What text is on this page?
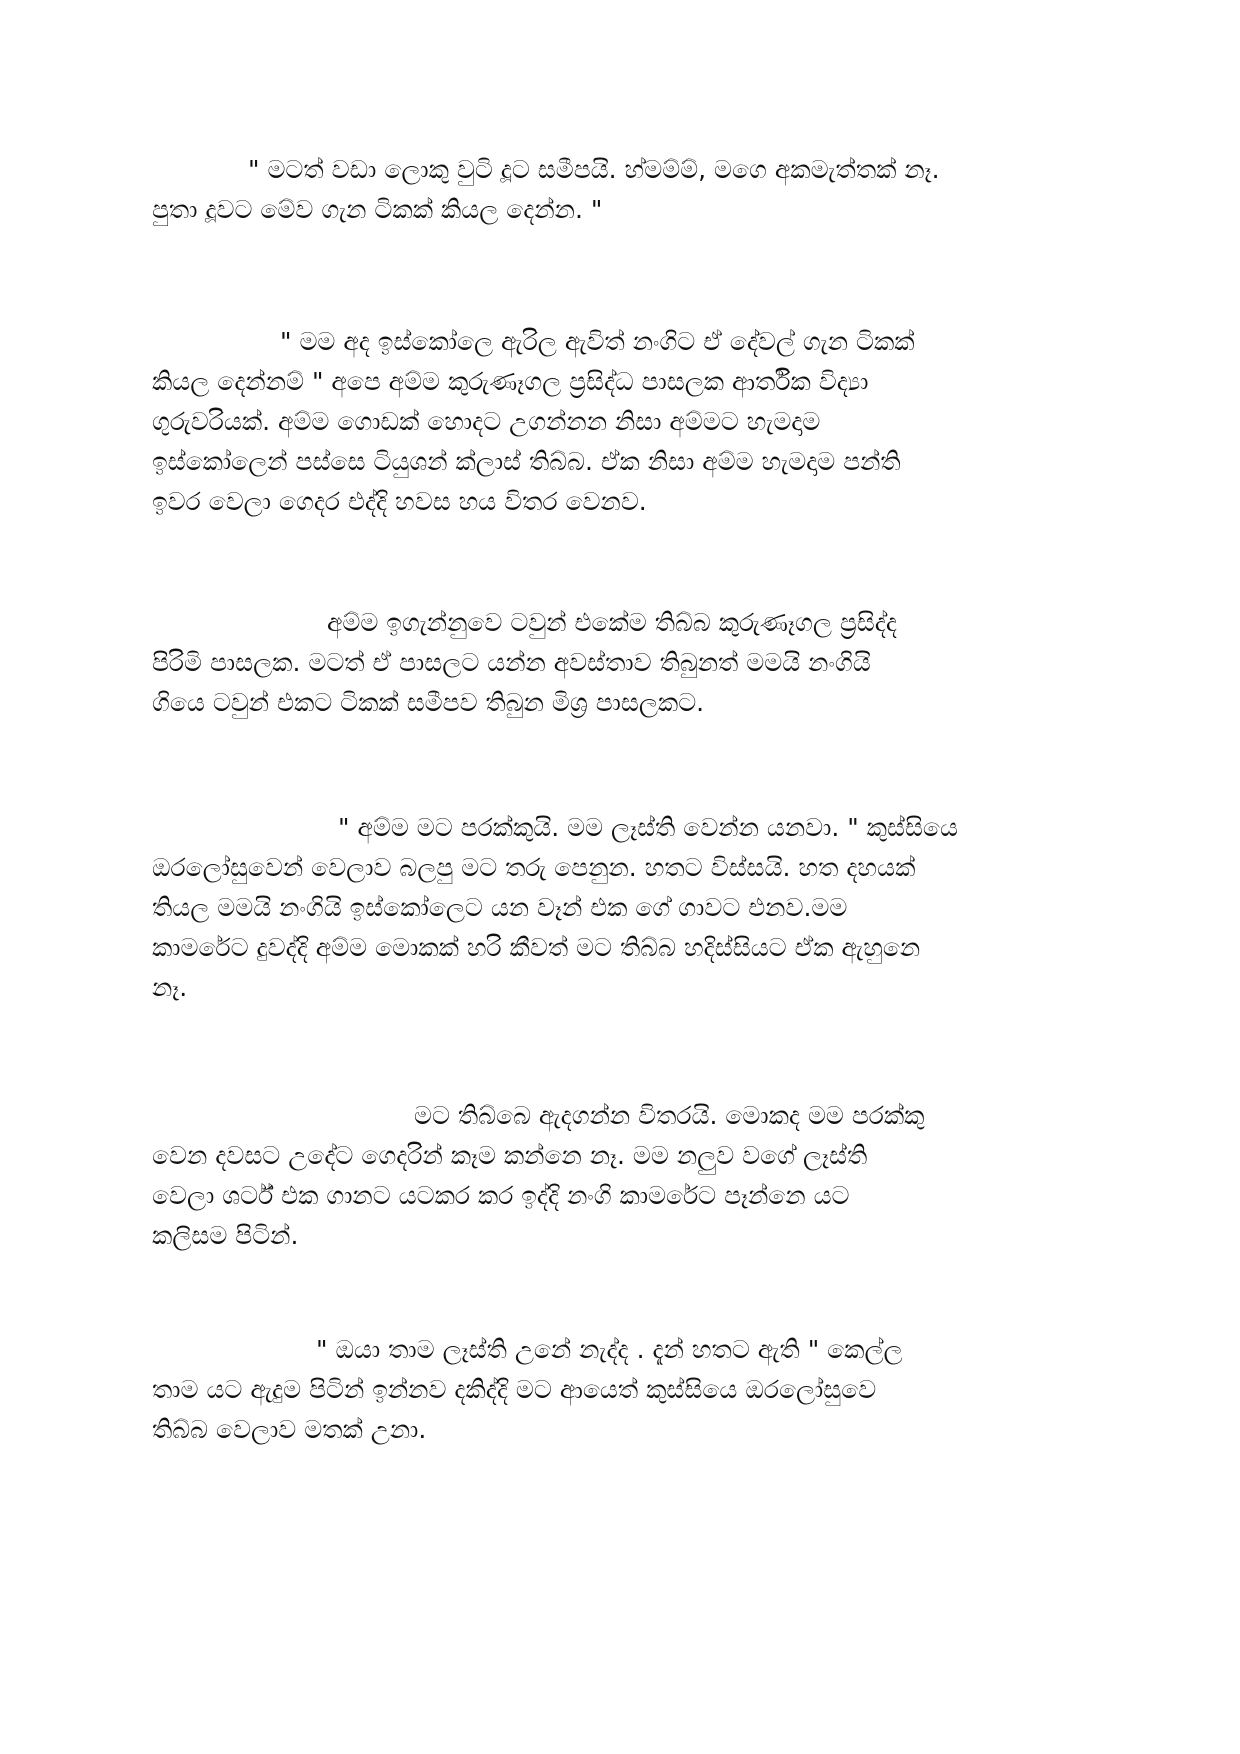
" මටත් වඩා ලොකු වුටි දූට සමීපයි. හ්මම්ම්, මගෙ අකමැත්තක් නෑ.
පුතා දූවට මේව ගැන ටිකක් කියල දෙන්න. "

" මම අද ඉස්කෝලෙ ඇරිල ඇවිත් නංගිට ඒ දේවල් ගැන ටිකක්
කියල දෙන්නම් " අපෙ අම්ම කුරුණෑගල ප්‍රසිද්ධ පාසලක ආර්තික විද්‍යා
ගුරුවරියක්. අම්ම ගොඩක් හොදට උගන්නන නිසා අම්මට හැමදාම
ඉස්කෝලෙන් පස්සෙ ටියුශන් ක්ලාස් තිබ්බ. ඒක නිසා අම්ම හැමදාම පන්ති
ඉවර වෙලා ගෙදර එද්දි හවස හය විතර වෙනව.

අම්ම ඉගැන්නුවෙ ටවුන් එකේම තිබ්බ කුරුණෑගල ප්‍රසිද්ද
පිරිමි පාසලක. මටත් ඒ පාසලට යන්න අවස්තාව තිබුනත් මමයි නංගියි
ගියෙ ටවුන් එකට ටිකක් සමීපව තිබුන මිශ්‍ර පාසලකට.

" අම්ම මට පරක්කුයි. මම ලෑස්ති වෙන්න යනවා. " කුස්සියෙ
ඔරලෝසුවෙන් වෙලාව බලපු මට තරු පෙනුන. හතට විස්සයි. හත දහයක්
තියල මමයි නංගියි ඉස්කෝලෙට යන වෑන් එක ගේ ගාවට එනව.මම
කාමරේට දුවද්දි අම්ම මොකක් හරි කීවත් මට තිබ්බ හදිස්සියට ඒක ඇහුනෙ
නෑ.

මට තිබ්බෙ ඇදගන්න විතරයි. මොකද මම පරක්කු
වෙන දවසට උදේට ගෙදරින් කෑම කන්නෙ නෑ. මම නලුව වගේ ලෑස්ති
වෙලා ශර්ට් එක ගානට යටකර කර ඉද්දි නංගි කාමරේට පෑන්නෙ යට
කලිසම පිටින්.

" ඔයා තාම ලෑස්ති උනේ නැද්ද . දැන් හතට ඇති " කෙල්ල
තාම යට ඇදුම පිටින් ඉන්නව දකිද්දි මට ආයෙත් කුස්සියෙ ඔරලෝසුවෙ
තිබ්බ වෙලාව මතක් උනා.
